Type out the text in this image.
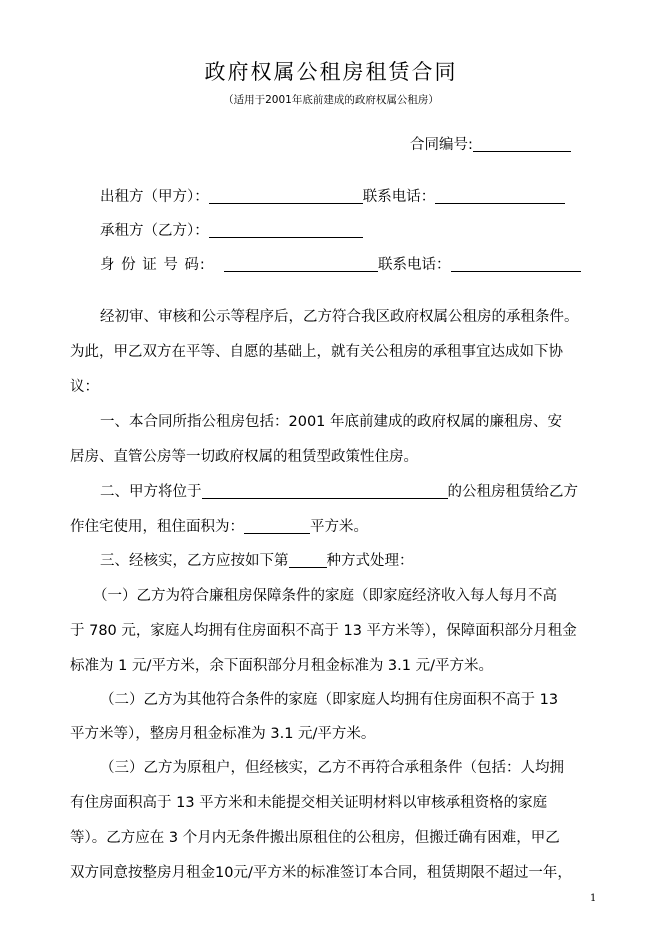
政府权属公租房租赁合同
（适用于2001年底前建成的政府权属公租房）
合同编号:
出租方（甲方）：	联系电话：
承租方（乙方）：
身 份 证 号 码:	联系电话：
经初审、审核和公示等程序后，乙方符合我区政府权属公租房的承租条件。
为此，甲乙双方在平等、自愿的基础上，就有关公租房的承租事宜达成如下协
议：
一、本合同所指公租房包括：2001 年底前建成的政府权属的廉租房、安
居房、直管公房等一切政府权属的租赁型政策性住房。
二、甲方将位于	的公租房租赁给乙方
作住宅使用，租住面积为：	平方米。
三、经核实，乙方应按如下第	种方式处理：
（一）乙方为符合廉租房保障条件的家庭（即家庭经济收入每人每月不高
于 780 元，家庭人均拥有住房面积不高于 13 平方米等），保障面积部分月租金
标准为 1 元/平方米，余下面积部分月租金标准为 3.1 元/平方米。
（二）乙方为其他符合条件的家庭（即家庭人均拥有住房面积不高于 13
平方米等），整房月租金标准为 3.1 元/平方米。
（三）乙方为原租户，但经核实，乙方不再符合承租条件（包括：人均拥
有住房面积高于 13 平方米和未能提交相关证明材料以审核承租资格的家庭
等）。乙方应在 3 个月内无条件搬出原租住的公租房，但搬迁确有困难，甲乙
双方同意按整房月租金10元/平方米的标准签订本合同，租赁期限不超过一年，
1
